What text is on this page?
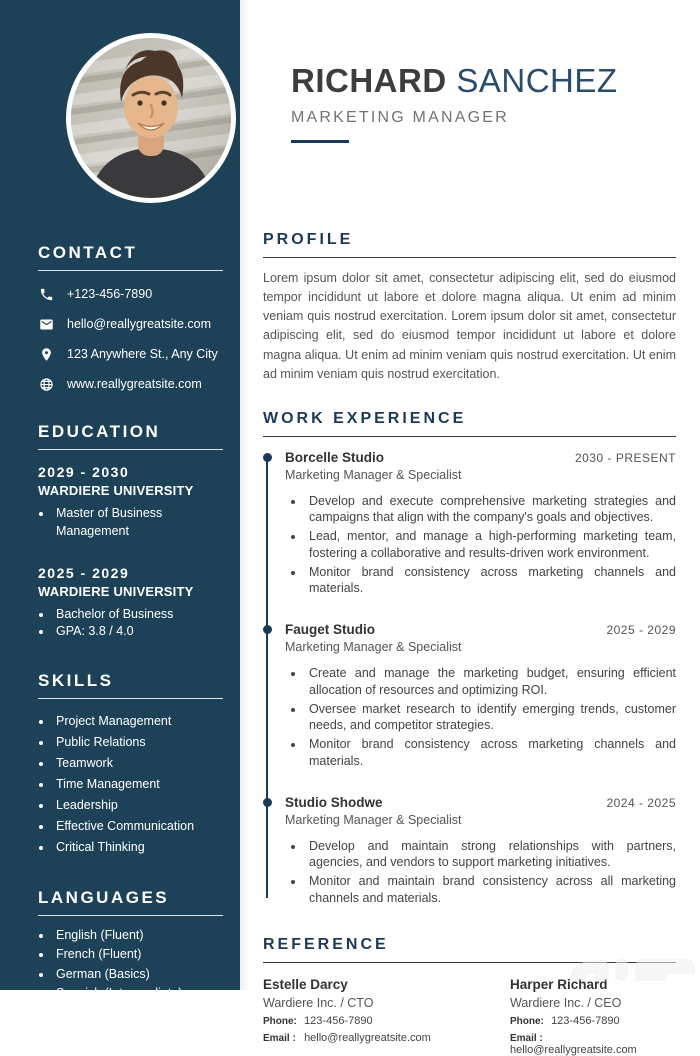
CONTACT
+123-456-7890
hello@reallygreatsite.com
123 Anywhere St., Any City
www.reallygreatsite.com
EDUCATION
2029 - 2030
WARDIERE UNIVERSITY
• Master of Business Management
2025 - 2029
WARDIERE UNIVERSITY
• Bachelor of Business
• GPA: 3.8 / 4.0
SKILLS
• Project Management
• Public Relations
• Teamwork
• Time Management
• Leadership
• Effective Communication
• Critical Thinking
LANGUAGES
• English (Fluent)
• French (Fluent)
• German (Basics)
• Spanish (Intermediate)
RICHARD SANCHEZ
MARKETING MANAGER
PROFILE

Lorem ipsum dolor sit amet, consectetur adipiscing elit, sed do eiusmod tempor incididunt ut labore et dolore magna aliqua. Ut enim ad minim veniam quis nostrud exercitation. Lorem ipsum dolor sit amet, consectetur adipiscing elit, sed do eiusmod tempor incididunt ut labore et dolore magna aliqua. Ut enim ad minim veniam quis nostrud exercitation. Ut enim ad minim veniam quis nostrud exercitation.

WORK EXPERIENCE
Borcelle Studio	2030 - PRESENT
Marketing Manager & Specialist
• Develop and execute comprehensive marketing strategies and campaigns that align with the company's goals and objectives.
• Lead, mentor, and manage a high-performing marketing team, fostering a collaborative and results-driven work environment.
• Monitor brand consistency across marketing channels and materials.
Fauget Studio	2025 - 2029
Marketing Manager & Specialist
• Create and manage the marketing budget, ensuring efficient allocation of resources and optimizing ROI.
• Oversee market research to identify emerging trends, customer needs, and competitor strategies.
• Monitor brand consistency across marketing channels and materials.
Studio Shodwe	2024 - 2025
Marketing Manager & Specialist
• Develop and maintain strong relationships with partners, agencies, and vendors to support marketing initiatives.
• Monitor and maintain brand consistency across all marketing channels and materials.
REFERENCE
Estelle Darcy
Wardiere Inc. / CTO
Phone: 123-456-7890
Email : hello@reallygreatsite.com
Harper Richard
Wardiere Inc. / CEO
Phone: 123-456-7890
Email : hello@reallygreatsite.com
